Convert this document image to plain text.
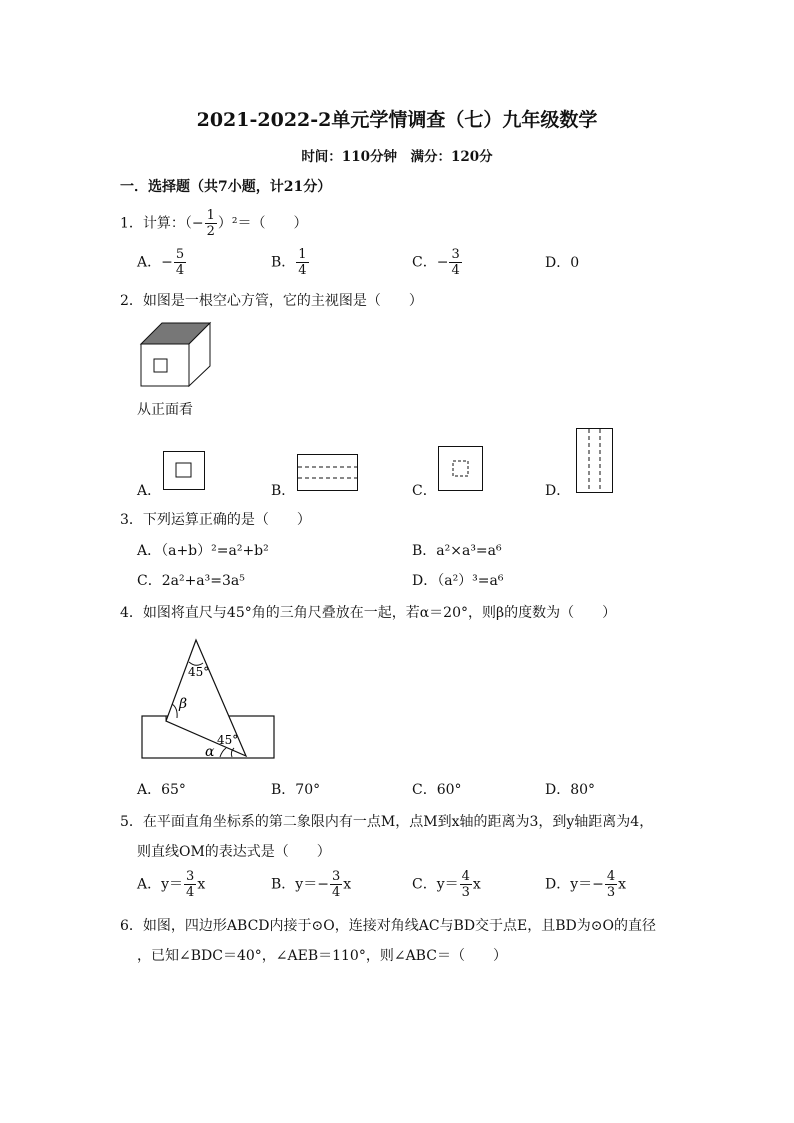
2021-2022-2单元学情调查（七）九年级数学
时间：110分钟　满分：120分
一．选择题（共7小题，计21分）
1．计算：（− $\frac{1}{2} )^2=$（　　）
A．− $\frac{5}{4}$	B． $\frac{1}{4}$	C．− $\frac{3}{4}$	D．0
2．如图是一根空心方管，它的主视图是（　　）
从正面看
A．	B．	C．	D．
3．下列运算正确的是（　　）
A．（a+b）²=a²+b²	B．a²×a³=a⁶
C．2a²+a³=3a⁵	D．（a²）³=a⁶
4．如图将直尺与45°角的三角尺叠放在一起，若α＝20°，则β的度数为（　　）
45°
β
45°
α
A．65°	B．70°	C．60°	D．80°
5．在平面直角坐标系的第二象限内有一点M，点M到x轴的距离为3，到y轴距离为4，
则直线OM的表达式是（　　）
A．$y= \frac{3}{4}$ x	B．$y=- \frac{3}{4}$ x	C．$y= \frac{4}{3}$ x	D．$y=- \frac{4}{3}$ x
6．如图，四边形ABCD内接于⊙O，连接对角线AC与BD交于点E，且BD为⊙O的直径
，已知∠BDC＝40°，∠AEB＝110°，则∠ABC＝（　　）
